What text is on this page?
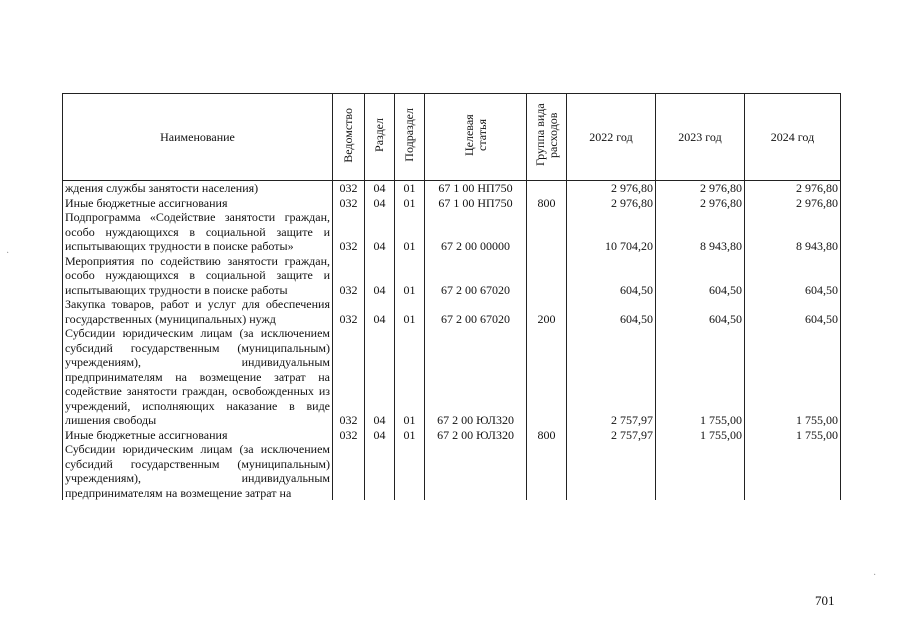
Наименование	Ведомство	Раздел	Подраздел	Целевая статья	Группа вида расходов	2022 год	2023 год	2024 год
ждения службы занятости населения)	032	04	01	67 1 00 НП750		2 976,80	2 976,80	2 976,80
Иные бюджетные ассигнования	032	04	01	67 1 00 НП750	800	2 976,80	2 976,80	2 976,80
Подпрограмма «Содействие занятости граждан, особо нуждающихся в социальной защите и испытывающих трудности в поиске работы»	032	04	01	67 2 00 00000		10 704,20	8 943,80	8 943,80
Мероприятия по содействию занятости граждан, особо нуждающихся в социальной защите и испытывающих трудности в поиске работы	032	04	01	67 2 00 67020		604,50	604,50	604,50
Закупка товаров, работ и услуг для обеспечения государственных (муниципальных) нужд	032	04	01	67 2 00 67020	200	604,50	604,50	604,50
Субсидии юридическим лицам (за исключением субсидий государственным (муниципальным) учреждениям), индивидуальным предпринимателям на возмещение затрат на содействие занятости граждан, освобожденных из учреждений, исполняющих наказание в виде лишения свободы	032	04	01	67 2 00 ЮЛ320		2 757,97	1 755,00	1 755,00
Иные бюджетные ассигнования	032	04	01	67 2 00 ЮЛ320	800	2 757,97	1 755,00	1 755,00
Субсидии юридическим лицам (за исключением субсидий государственным (муниципальным) учреждениям), индивидуальным предпринимателям на возмещение затрат на								
701
·
·
